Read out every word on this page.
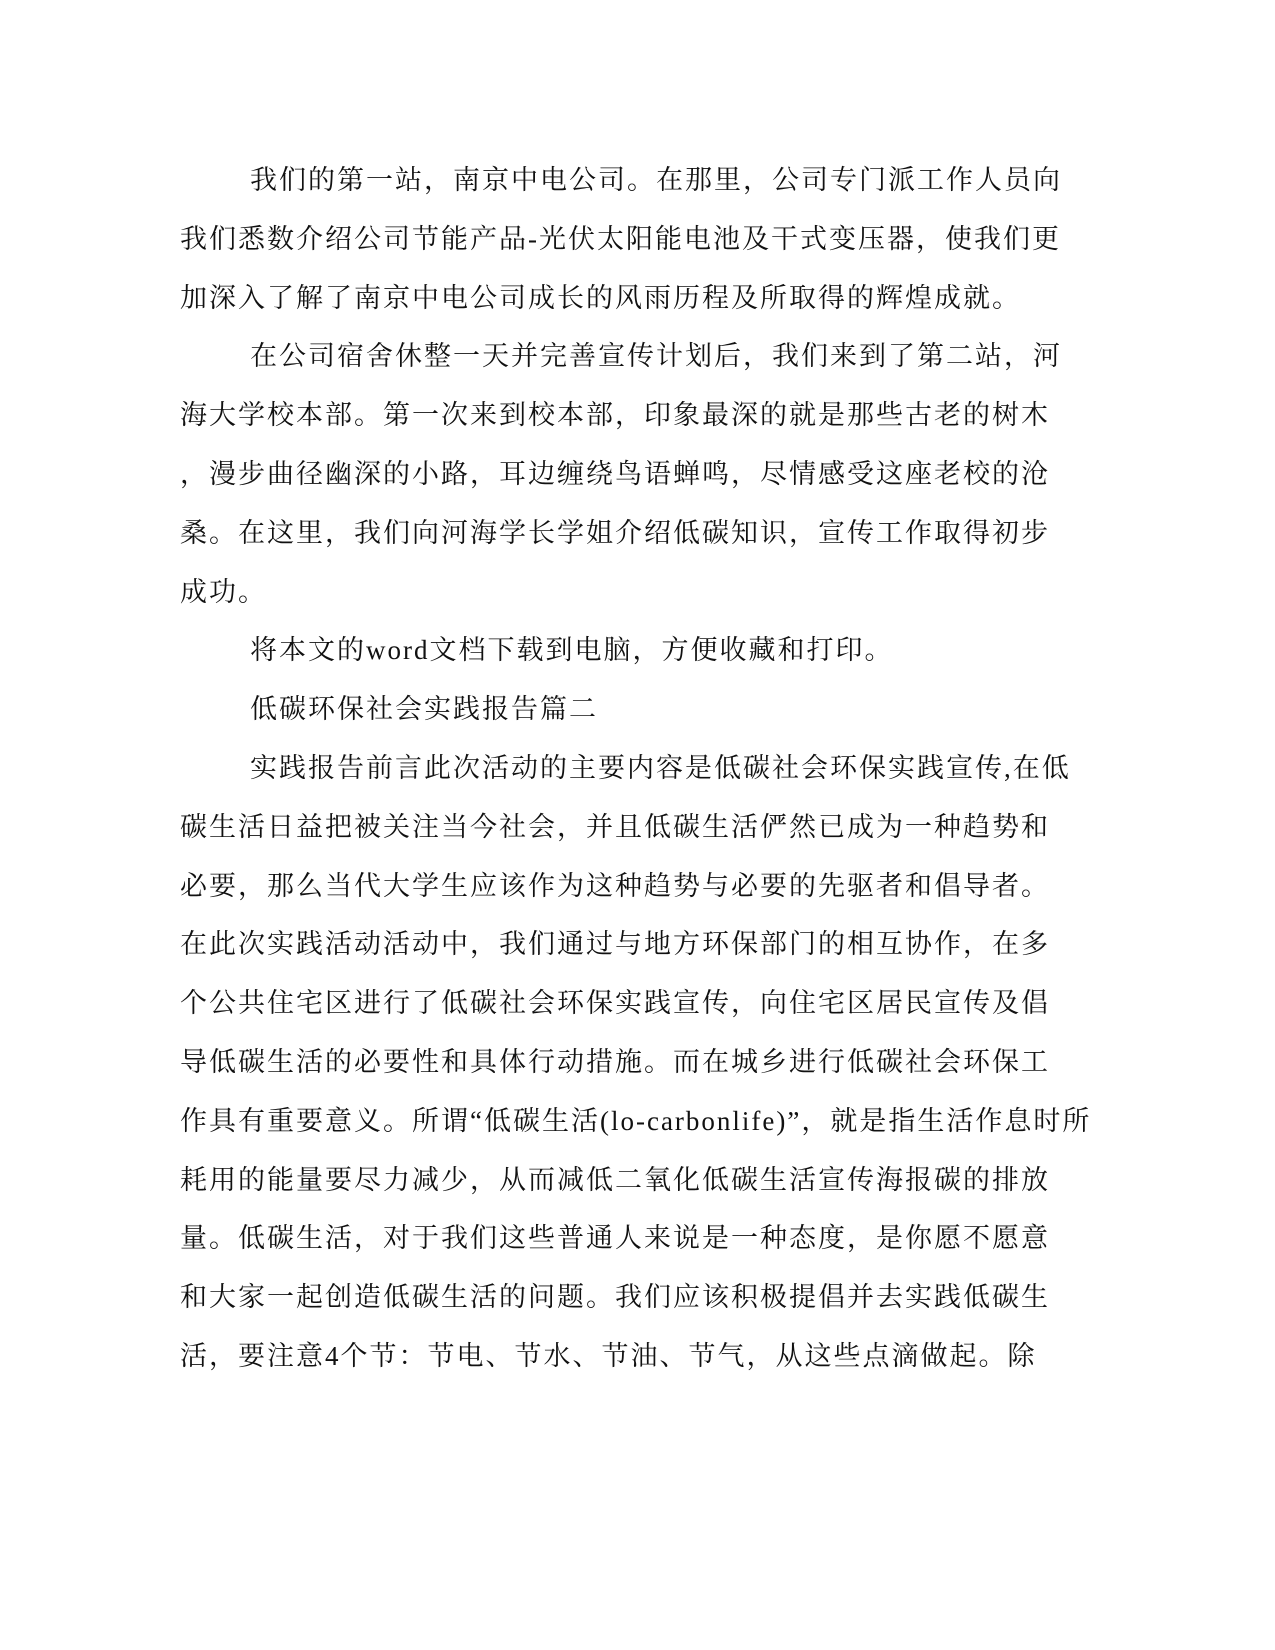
我们的第一站，南京中电公司。在那里，公司专门派工作人员向
我们悉数介绍公司节能产品-光伏太阳能电池及干式变压器，使我们更
加深入了解了南京中电公司成长的风雨历程及所取得的辉煌成就。
在公司宿舍休整一天并完善宣传计划后，我们来到了第二站，河
海大学校本部。第一次来到校本部，印象最深的就是那些古老的树木
，漫步曲径幽深的小路，耳边缠绕鸟语蝉鸣，尽情感受这座老校的沧
桑。在这里，我们向河海学长学姐介绍低碳知识，宣传工作取得初步
成功。
将本文的word文档下载到电脑，方便收藏和打印。
低碳环保社会实践报告篇二
实践报告前言此次活动的主要内容是低碳社会环保实践宣传,在低
碳生活日益把被关注当今社会，并且低碳生活俨然已成为一种趋势和
必要，那么当代大学生应该作为这种趋势与必要的先驱者和倡导者。
在此次实践活动活动中，我们通过与地方环保部门的相互协作，在多
个公共住宅区进行了低碳社会环保实践宣传，向住宅区居民宣传及倡
导低碳生活的必要性和具体行动措施。而在城乡进行低碳社会环保工
作具有重要意义。所谓“低碳生活(lo-carbonlife)”，就是指生活作息时所
耗用的能量要尽力减少，从而减低二氧化低碳生活宣传海报碳的排放
量。低碳生活，对于我们这些普通人来说是一种态度，是你愿不愿意
和大家一起创造低碳生活的问题。我们应该积极提倡并去实践低碳生
活，要注意4个节：节电、节水、节油、节气，从这些点滴做起。除
